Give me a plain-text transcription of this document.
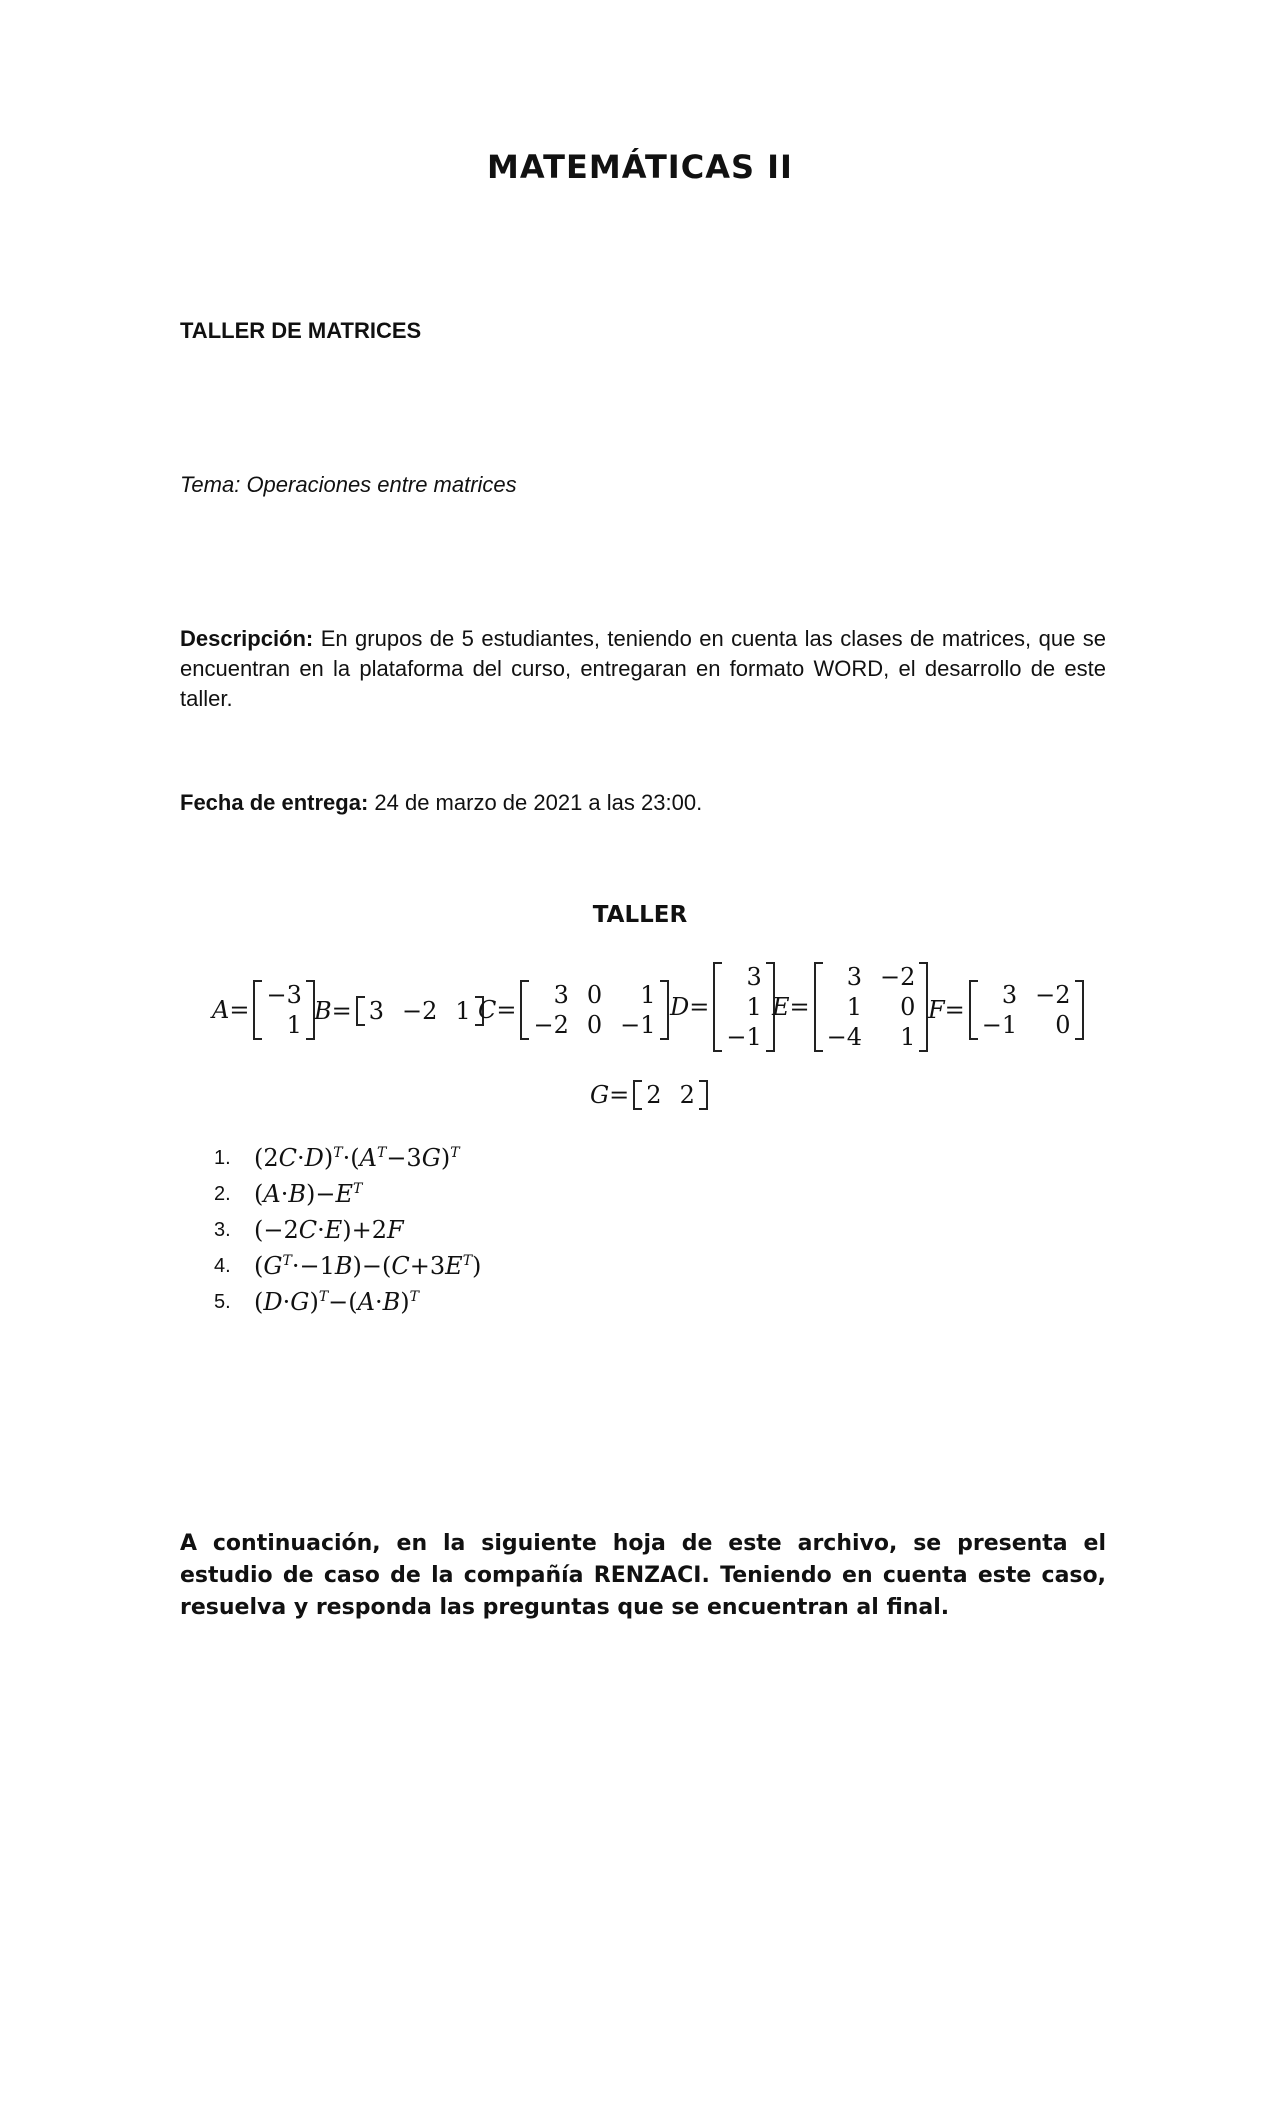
MATEMÁTICAS II
TALLER DE MATRICES
Tema: Operaciones entre matrices
Descripción: En grupos de 5 estudiantes, teniendo en cuenta las clases de matrices, que se encuentran en la plataforma del curso, entregaran en formato WORD, el desarrollo de este taller.
Fecha de entrega: 24 de marzo de 2021 a las 23:00.
TALLER
A =
−3
1 B = 3 −2 1 C =
3 0	1
−2 0 −1
D =
3
1
−1
E =
3 −2
1	0
−4	1
F =
3 −2
−1	0
G = 2 2
1. $(2C\cdot D)^T\cdot(A^T-3G)^T$
2. $(A\cdot B)-E^T$
3. (−2C·E)+2F
4. $(G^T\cdot-1B)-(C+3E^T)$
5. $(D\cdot G)^T-(A\cdot B)^T$
A continuación, en la siguiente hoja de este archivo, se presenta el estudio de caso de la compañía RENZACI. Teniendo en cuenta este caso, resuelva y responda las preguntas que se encuentran al final.
